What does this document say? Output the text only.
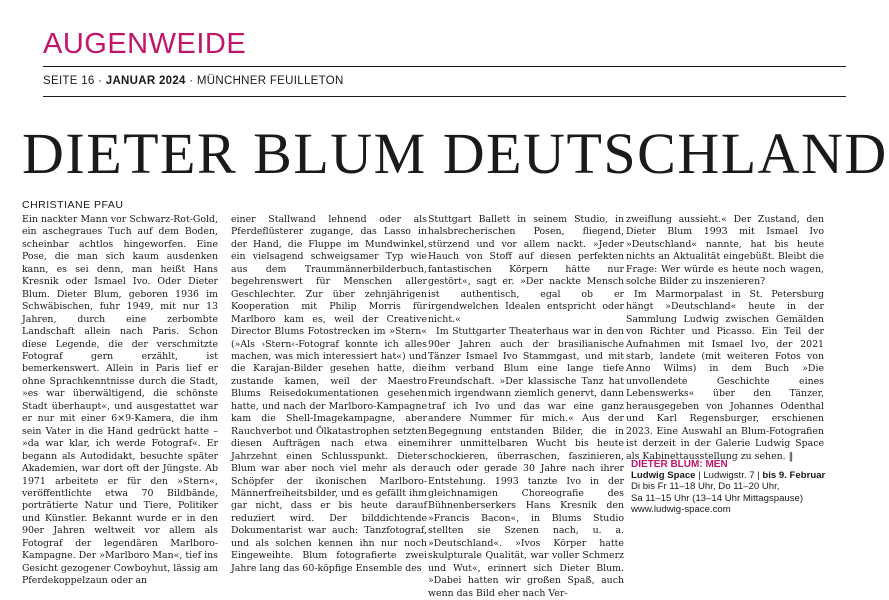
AUGENWEIDE
SEITE 16 · JANUAR 2024 · MÜNCHNER FEUILLETON
DIETER BLUM DEUTSCHLAND
CHRISTIANE PFAU

Ein nackter Mann vor Schwarz-Rot-Gold, ein aschegraues Tuch auf dem Boden, scheinbar achtlos hingeworfen. Eine Pose, die man sich kaum ausdenken kann, es sei denn, man heißt Hans Kresnik oder Ismael Ivo. Oder Dieter Blum. Dieter Blum, geboren 1936 im Schwäbischen, fuhr 1949, mit nur 13 Jahren, durch eine zerbombte Landschaft allein nach Paris. Schon diese Legende, die der verschmitzte Fotograf gern erzählt, ist bemerkenswert. Allein in Paris lief er ohne Sprachkenntnisse durch die Stadt, »es war überwältigend, die schönste Stadt überhaupt«, und ausgestattet war er nur mit einer 6×9-Kamera, die ihm sein Vater in die Hand gedrückt hatte – »da war klar, ich werde Fotograf«. Er begann als Autodidakt, besuchte später Akademien, war dort oft der Jüngste. Ab 1971 arbeitete er für den »Stern«, veröffentlichte etwa 70 Bildbände, porträtierte Natur und Tiere, Politiker und Künstler. Bekannt wurde er in den 90er Jahren weltweit vor allem als Fotograf der legendären Marlboro-Kampagne. Der »Marlboro Man«, tief ins Gesicht gezogener Cowboyhut, lässig am Pferdekoppelzaun oder an

einer Stallwand lehnend oder als Pferdeflüsterer zugange, das Lasso in der Hand, die Fluppe im Mundwinkel, ein vielsagend schweigsamer Typ wie aus dem Traummännerbilderbuch, begehrenswert für Menschen aller Geschlechter. Zur über zehnjährigen Kooperation mit Philip Morris für Marlboro kam es, weil der Creative Director Blums Fotostrecken im »Stern« (»Als ›Stern‹-Fotograf konnte ich alles machen, was mich interessiert hat«) und die Karajan-Bilder gesehen hatte, die zustande kamen, weil der Maestro Blums Reisedokumentationen gesehen hatte, und nach der Marlboro-Kampagne kam die Shell-Imagekampagne, aber Rauchverbot und Ölkatastrophen setzten diesen Aufträgen nach etwa einem Jahrzehnt einen Schlusspunkt. Dieter Blum war aber noch viel mehr als der Schöpfer der ikonischen Marlboro-Männerfreiheitsbilder, und es gefällt ihm gar nicht, dass er bis heute darauf reduziert wird. Der bilddichtende Dokumentarist war auch: Tanzfotograf, und als solchen kennen ihn nur noch Eingeweihte. Blum fotografierte zwei Jahre lang das 60-köpfige Ensemble des

Stuttgart Ballett in seinem Studio, in halsbrecherischen Posen, fliegend, stürzend und vor allem nackt. »Jeder Hauch von Stoff auf diesen perfekten fantastischen Körpern hätte nur gestört«, sagt er. »Der nackte Mensch ist authentisch, egal ob er irgendwelchen Idealen entspricht oder nicht.«

Im Stuttgarter Theaterhaus war in den 90er Jahren auch der brasilianische Tänzer Ismael Ivo Stammgast, und mit ihm verband Blum eine lange tiefe Freundschaft. »Der klassische Tanz hat mich irgendwann ziemlich genervt, dann traf ich Ivo und das war eine ganz andere Nummer für mich.« Aus der Begegnung entstanden Bilder, die in ihrer unmittelbaren Wucht bis heute schockieren, überraschen, faszinieren, auch oder gerade 30 Jahre nach ihrer Entstehung. 1993 tanzte Ivo in der gleichnamigen Choreografie des Bühnenberserkers Hans Kresnik den »Francis Bacon«, in Blums Studio stellten sie Szenen nach, u. a. »Deutschland«. »Ivos Körper hatte skulpturale Qualität, war voller Schmerz und Wut«, erinnert sich Dieter Blum. »Dabei hatten wir großen Spaß, auch wenn das Bild eher nach Ver-

zweiflung aussieht.« Der Zustand, den Dieter Blum 1993 mit Ismael Ivo »Deutschland« nannte, hat bis heute nichts an Aktualität eingebüßt. Bleibt die Frage: Wer würde es heute noch wagen, solche Bilder zu inszenieren?

Im Marmorpalast in St. Petersburg hängt »Deutschland« heute in der Sammlung Ludwig zwischen Gemälden von Richter und Picasso. Ein Teil der Aufnahmen mit Ismael Ivo, der 2021 starb, landete (mit weiteren Fotos von Anno Wilms) in dem Buch »Die unvollendete Geschichte eines Lebenswerks« über den Tänzer, herausgegeben von Johannes Odenthal und Karl Regensburger, erschienen 2023. Eine Auswahl an Blum-Fotografien ist derzeit in der Galerie Ludwig Space als Kabinettausstellung zu sehen. ‖

DIETER BLUM: MEN
Ludwig Space | Ludwigstr. 7 | bis 9. Februar
Di bis Fr 11–18 Uhr, Do 11–20 Uhr,
Sa 11–15 Uhr (13–14 Uhr Mittagspause)
www.ludwig-space.com
